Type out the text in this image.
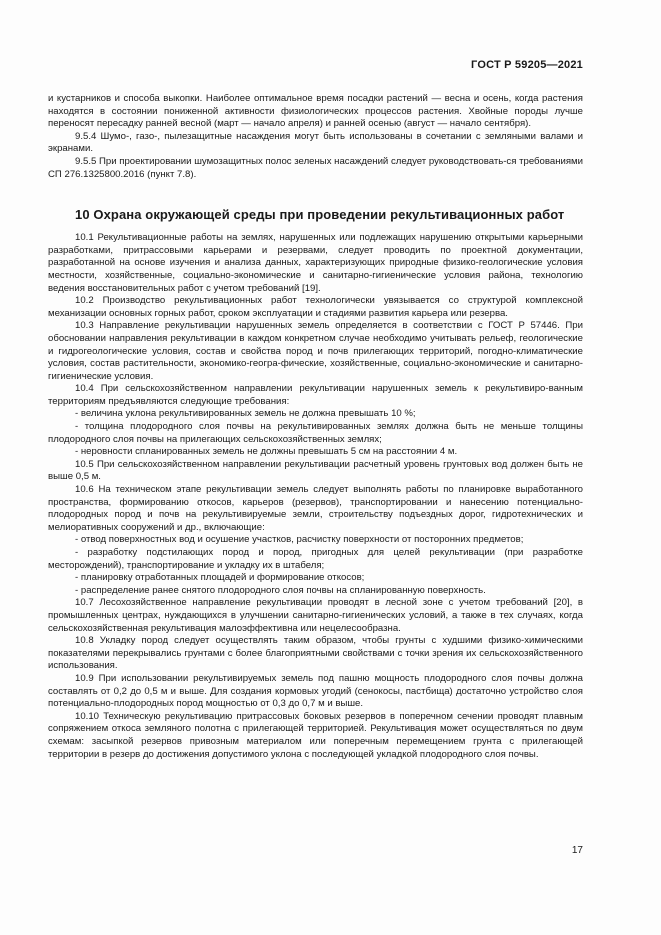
ГОСТ Р 59205—2021

и кустарников и способа выкопки. Наиболее оптимальное время посадки растений — весна и осень, когда растения находятся в состоянии пониженной активности физиологических процессов растения. Хвойные породы лучше переносят пересадку ранней весной (март — начало апреля) и ранней осенью (август — начало сентября).

9.5.4 Шумо-, газо-, пылезащитные насаждения могут быть использованы в сочетании с земляными валами и экранами.

9.5.5 При проектировании шумозащитных полос зеленых насаждений следует руководствовать-ся требованиями СП 276.1325800.2016 (пункт 7.8).

10 Охрана окружающей среды при проведении рекультивационных работ

10.1 Рекультивационные работы на землях, нарушенных или подлежащих нарушению открытыми карьерными разработками, притрассовыми карьерами и резервами, следует проводить по проектной документации, разработанной на основе изучения и анализа данных, характеризующих природные физико-геологические условия местности, хозяйственные, социально-экономические и санитарно-гигиенические условия района, технологию ведения восстановительных работ с учетом требований [19].

10.2 Производство рекультивационных работ технологически увязывается со структурой комплексной механизации основных горных работ, сроком эксплуатации и стадиями развития карьера или резерва.

10.3 Направление рекультивации нарушенных земель определяется в соответствии с ГОСТ Р 57446. При обосновании направления рекультивации в каждом конкретном случае необходимо учитывать рельеф, геологические и гидрогеологические условия, состав и свойства пород и почв прилегающих территорий, погодно-климатические условия, состав растительности, экономико-геогра-фические, хозяйственные, социально-экономические и санитарно-гигиенические условия.

10.4 При сельскохозяйственном направлении рекультивации нарушенных земель к рекультивиро-ванным территориям предъявляются следующие требования:

- величина уклона рекультивированных земель не должна превышать 10 %;

- толщина плодородного слоя почвы на рекультивированных землях должна быть не меньше толщины плодородного слоя почвы на прилегающих сельскохозяйственных землях;

- неровности спланированных земель не должны превышать 5 см на расстоянии 4 м.

10.5 При сельскохозяйственном направлении рекультивации расчетный уровень грунтовых вод должен быть не выше 0,5 м.

10.6 На техническом этапе рекультивации земель следует выполнять работы по планировке выработанного пространства, формированию откосов, карьеров (резервов), транспортировании и нанесению потенциально-плодородных пород и почв на рекультивируемые земли, строительству подъездных дорог, гидротехнических и мелиоративных сооружений и др., включающие:

- отвод поверхностных вод и осушение участков, расчистку поверхности от посторонних предметов;

- разработку подстилающих пород и пород, пригодных для целей рекультивации (при разработке месторождений), транспортирование и укладку их в штабеля;

- планировку отработанных площадей и формирование откосов;

- распределение ранее снятого плодородного слоя почвы на спланированную поверхность.

10.7 Лесохозяйственное направление рекультивации проводят в лесной зоне с учетом требований [20], в промышленных центрах, нуждающихся в улучшении санитарно-гигиенических условий, а также в тех случаях, когда сельскохозяйственная рекультивация малоэффективна или нецелесообразна.

10.8 Укладку пород следует осуществлять таким образом, чтобы грунты с худшими физико-химическими показателями перекрывались грунтами с более благоприятными свойствами с точки зрения их сельскохозяйственного использования.

10.9 При использовании рекультивируемых земель под пашню мощность плодородного слоя почвы должна составлять от 0,2 до 0,5 м и выше. Для создания кормовых угодий (сенокосы, пастбища) достаточно устройство слоя потенциально-плодородных пород мощностью от 0,3 до 0,7 м и выше.

10.10 Техническую рекультивацию притрассовых боковых резервов в поперечном сечении проводят плавным сопряжением откоса земляного полотна с прилегающей территорией. Рекультивация может осуществляться по двум схемам: засыпкой резервов привозным материалом или поперечным перемещением грунта с прилегающей территории в резерв до достижения допустимого уклона с последующей укладкой плодородного слоя почвы.

17
